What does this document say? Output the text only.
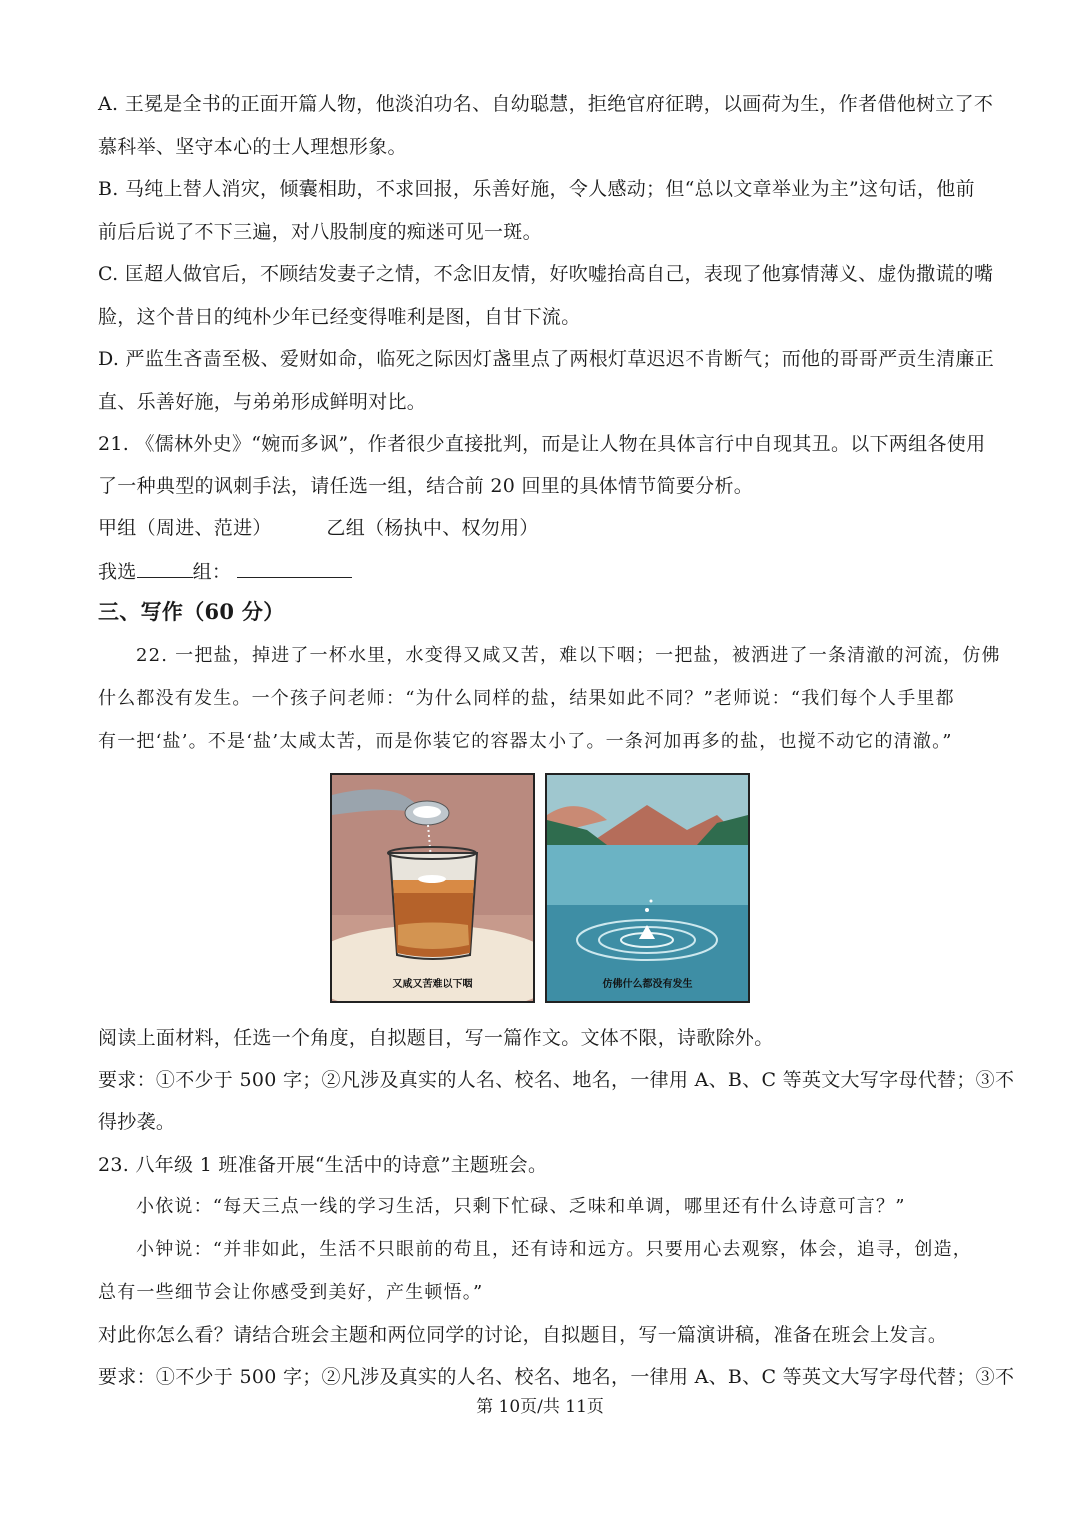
A. 王冕是全书的正面开篇人物，他淡泊功名、自幼聪慧，拒绝官府征聘，以画荷为生，作者借他树立了不
慕科举、坚守本心的士人理想形象。
B. 马纯上替人消灾，倾囊相助，不求回报，乐善好施，令人感动；但“总以文章举业为主”这句话，他前
前后后说了不下三遍，对八股制度的痴迷可见一斑。
C. 匡超人做官后，不顾结发妻子之情，不念旧友情，好吹嘘抬高自己，表现了他寡情薄义、虚伪撒谎的嘴
脸，这个昔日的纯朴少年已经变得唯利是图，自甘下流。
D. 严监生吝啬至极、爱财如命，临死之际因灯盏里点了两根灯草迟迟不肯断气；而他的哥哥严贡生清廉正
直、乐善好施，与弟弟形成鲜明对比。
21. 《儒林外史》“婉而多讽”，作者很少直接批判，而是让人物在具体言行中自现其丑。以下两组各使用
了一种典型的讽刺手法，请任选一组，结合前 20 回里的具体情节简要分析。
甲组（周进、范进）	乙组（杨执中、权勿用）
我选	组：
三、写作（60 分）
22. 一把盐，掉进了一杯水里，水变得又咸又苦，难以下咽；一把盐，被洒进了一条清澈的河流，仿佛
什么都没有发生。一个孩子问老师：“为什么同样的盐，结果如此不同？”老师说：“我们每个人手里都
有一把‘盐’。不是‘盐’太咸太苦，而是你装它的容器太小了。一条河加再多的盐，也搅不动它的清澈。”
又咸又苦难以下咽	仿佛什么都没有发生
阅读上面材料，任选一个角度，自拟题目，写一篇作文。文体不限，诗歌除外。
要求：①不少于 500 字；②凡涉及真实的人名、校名、地名，一律用 A、B、C 等英文大写字母代替；③不
得抄袭。
23. 八年级 1 班准备开展“生活中的诗意”主题班会。
小依说：“每天三点一线的学习生活，只剩下忙碌、乏味和单调，哪里还有什么诗意可言？”
小钟说：“并非如此，生活不只眼前的苟且，还有诗和远方。只要用心去观察，体会，追寻，创造，
总有一些细节会让你感受到美好，产生顿悟。”
对此你怎么看？请结合班会主题和两位同学的讨论，自拟题目，写一篇演讲稿，准备在班会上发言。
要求：①不少于 500 字；②凡涉及真实的人名、校名、地名，一律用 A、B、C 等英文大写字母代替；③不
第 10页/共 11页
